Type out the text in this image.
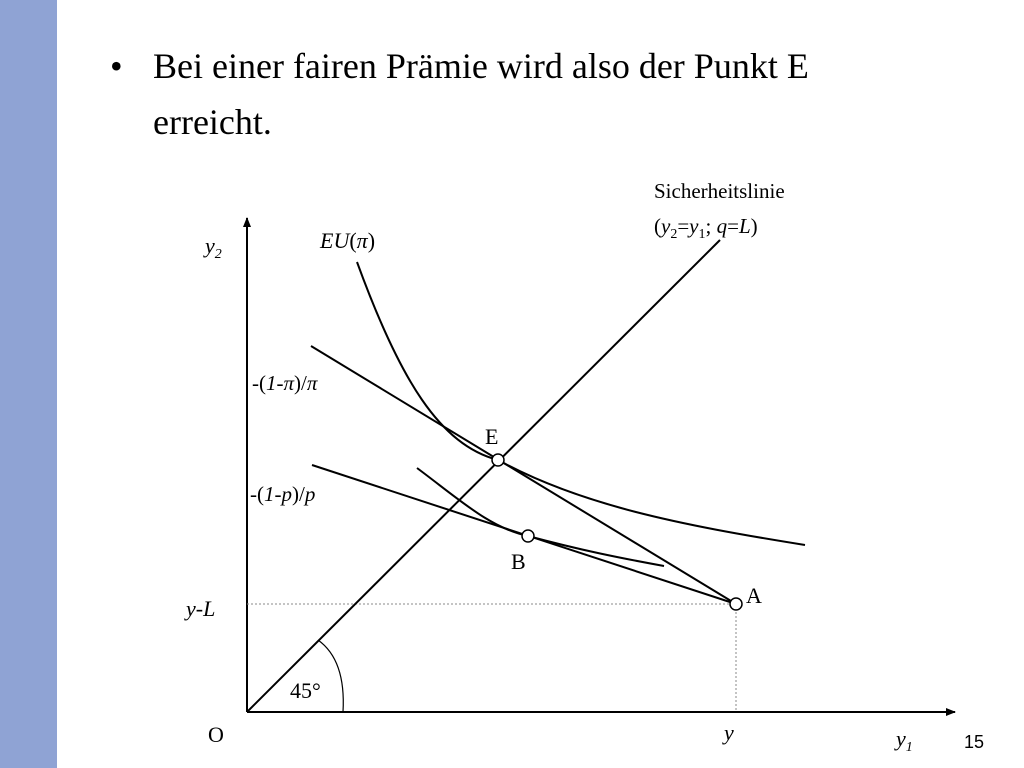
• Bei einer fairen Prämie wird also der Punkt E erreicht.
Sicherheitslinie
($y_2=y_1$; q=L)
EU(π)
$y_2$
-(1-π)/π
-(1-p)/p
E
B
A
y-L
45°
O	y	$y_1$	15
